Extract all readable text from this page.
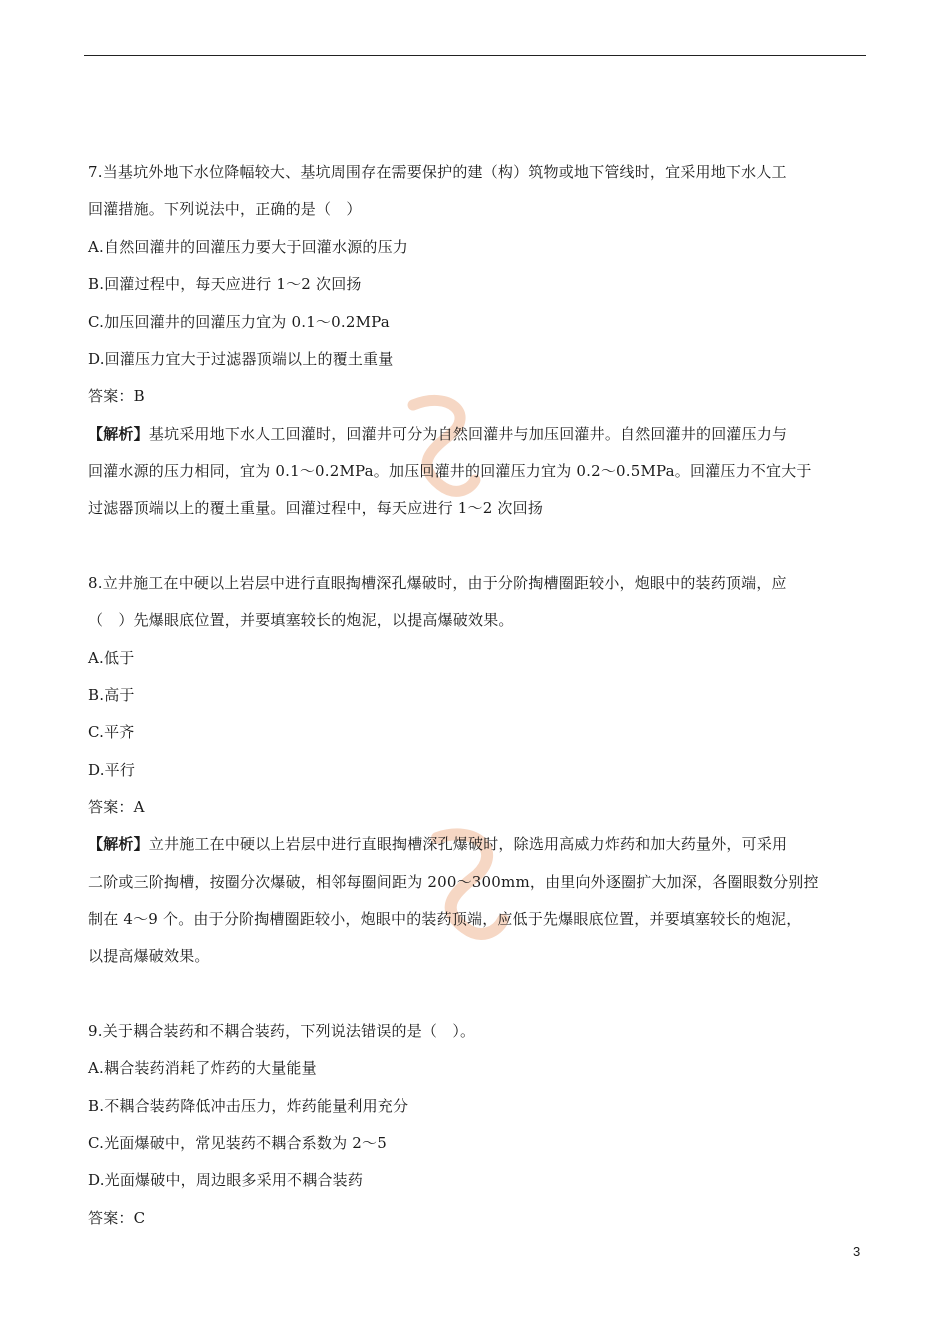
7.当基坑外地下水位降幅较大、基坑周围存在需要保护的建（构）筑物或地下管线时，宜采用地下水人工
回灌措施。下列说法中，正确的是（　）
A.自然回灌井的回灌压力要大于回灌水源的压力
B.回灌过程中，每天应进行 1～2 次回扬
C.加压回灌井的回灌压力宜为 0.1～0.2MPa
D.回灌压力宜大于过滤器顶端以上的覆土重量
答案：B
【解析】基坑采用地下水人工回灌时，回灌井可分为自然回灌井与加压回灌井。自然回灌井的回灌压力与
回灌水源的压力相同，宜为 0.1～0.2MPa。加压回灌井的回灌压力宜为 0.2～0.5MPa。回灌压力不宜大于
过滤器顶端以上的覆土重量。回灌过程中，每天应进行 1～2 次回扬
8.立井施工在中硬以上岩层中进行直眼掏槽深孔爆破时，由于分阶掏槽圈距较小，炮眼中的装药顶端，应
（　）先爆眼底位置，并要填塞较长的炮泥，以提高爆破效果。
A.低于
B.高于
C.平齐
D.平行
答案：A
【解析】立井施工在中硬以上岩层中进行直眼掏槽深孔爆破时，除选用高威力炸药和加大药量外，可采用
二阶或三阶掏槽，按圈分次爆破，相邻每圈间距为 200～300mm，由里向外逐圈扩大加深，各圈眼数分别控
制在 4～9 个。由于分阶掏槽圈距较小，炮眼中的装药顶端，应低于先爆眼底位置，并要填塞较长的炮泥，
以提高爆破效果。
9.关于耦合装药和不耦合装药，下列说法错误的是（　）。
A.耦合装药消耗了炸药的大量能量
B.不耦合装药降低冲击压力，炸药能量利用充分
C.光面爆破中，常见装药不耦合系数为 2～5
D.光面爆破中，周边眼多采用不耦合装药
答案：C
3
